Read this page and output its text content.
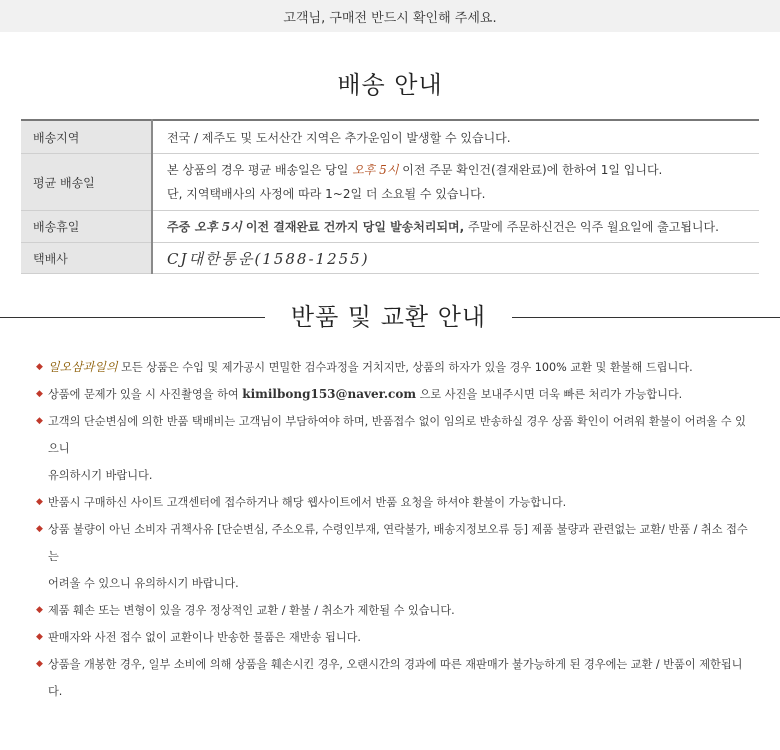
고객님, 구매전 반드시 확인해 주세요.
배송 안내
배송지역	전국 / 제주도 및 도서산간 지역은 추가운임이 발생할 수 있습니다.
평균 배송일	본 상품의 경우 평균 배송일은 당일 오후 5시 이전 주문 확인건(결재완료)에 한하여 1일 입니다.
단, 지역택배사의 사정에 따라 1~2일 더 소요될 수 있습니다.

배송휴일	주중 오후 5시 이전 결재완료 건까지 당일 발송처리되며, 주말에 주문하신건은 익주 월요일에 출고됩니다.
택배사	CJ대한통운(1588-1255)
반품 및 교환 안내
◆ 일오삼과일의 모든 상품은 수입 및 제가공시 면밀한 검수과정을 거치지만, 상품의 하자가 있을 경우 100% 교환 및 환불해 드립니다.
◆ 상품에 문제가 있을 시 사진촬영을 하여 kimilbong153@naver.com 으로 사진을 보내주시면 더욱 빠른 처리가 가능합니다.
◆ 고객의 단순변심에 의한 반품 택배비는 고객님이 부담하여야 하며, 반품접수 없이 임의로 반송하실 경우 상품 확인이 어려워 환불이 어려울 수 있으니
유의하시기 바랍니다.
◆ 반품시 구매하신 사이트 고객센터에 접수하거나 해당 웹사이트에서 반품 요청을 하셔야 환불이 가능합니다.
◆ 상품 불량이 아닌 소비자 귀책사유 [단순변심, 주소오류, 수령인부재, 연락불가, 배송지정보오류 등] 제품 불량과 관련없는 교환/ 반품 / 취소 접수는
어려울 수 있으니 유의하시기 바랍니다.
◆ 제품 훼손 또는 변형이 있을 경우 정상적인 교환 / 환불 / 취소가 제한될 수 있습니다.
◆ 판매자와 사전 접수 없이 교환이나 반송한 물품은 재반송 됩니다.
◆ 상품을 개봉한 경우, 일부 소비에 의해 상품을 훼손시킨 경우, 오랜시간의 경과에 따른 재판매가 불가능하게 된 경우에는 교환 / 반품이 제한됩니다.
